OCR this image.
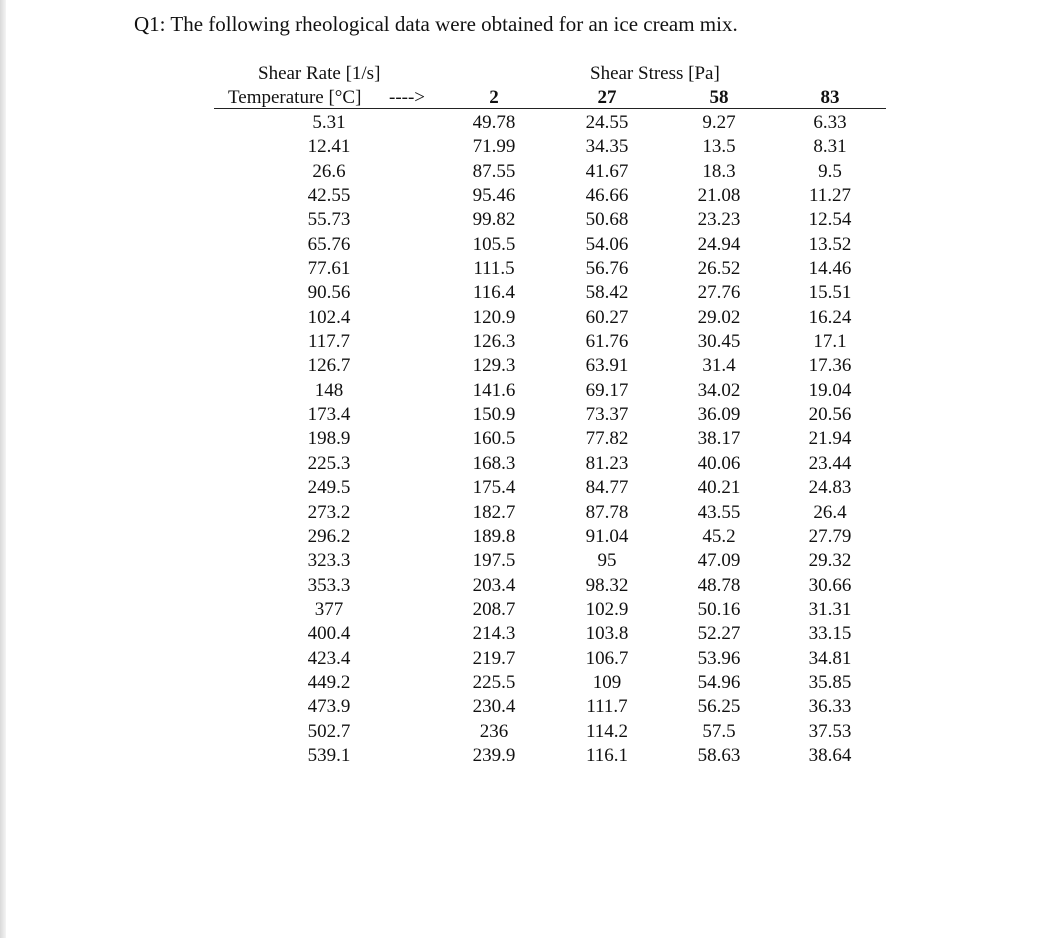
Q1: The following rheological data were obtained for an ice cream mix.
Shear Rate [1/s]	Shear Stress [Pa]
Temperature [°C] ---->	2	27	58	83
5.31	49.78	24.55	9.27	6.33
12.41	71.99	34.35	13.5	8.31
26.6	87.55	41.67	18.3	9.5
42.55	95.46	46.66	21.08	11.27
55.73	99.82	50.68	23.23	12.54
65.76	105.5	54.06	24.94	13.52
77.61	111.5	56.76	26.52	14.46
90.56	116.4	58.42	27.76	15.51
102.4	120.9	60.27	29.02	16.24
117.7	126.3	61.76	30.45	17.1
126.7	129.3	63.91	31.4	17.36
148	141.6	69.17	34.02	19.04
173.4	150.9	73.37	36.09	20.56
198.9	160.5	77.82	38.17	21.94
225.3	168.3	81.23	40.06	23.44
249.5	175.4	84.77	40.21	24.83
273.2	182.7	87.78	43.55	26.4
296.2	189.8	91.04	45.2	27.79
323.3	197.5	95	47.09	29.32
353.3	203.4	98.32	48.78	30.66
377	208.7	102.9	50.16	31.31
400.4	214.3	103.8	52.27	33.15
423.4	219.7	106.7	53.96	34.81
449.2	225.5	109	54.96	35.85
473.9	230.4	111.7	56.25	36.33
502.7	236	114.2	57.5	37.53
539.1	239.9	116.1	58.63	38.64
